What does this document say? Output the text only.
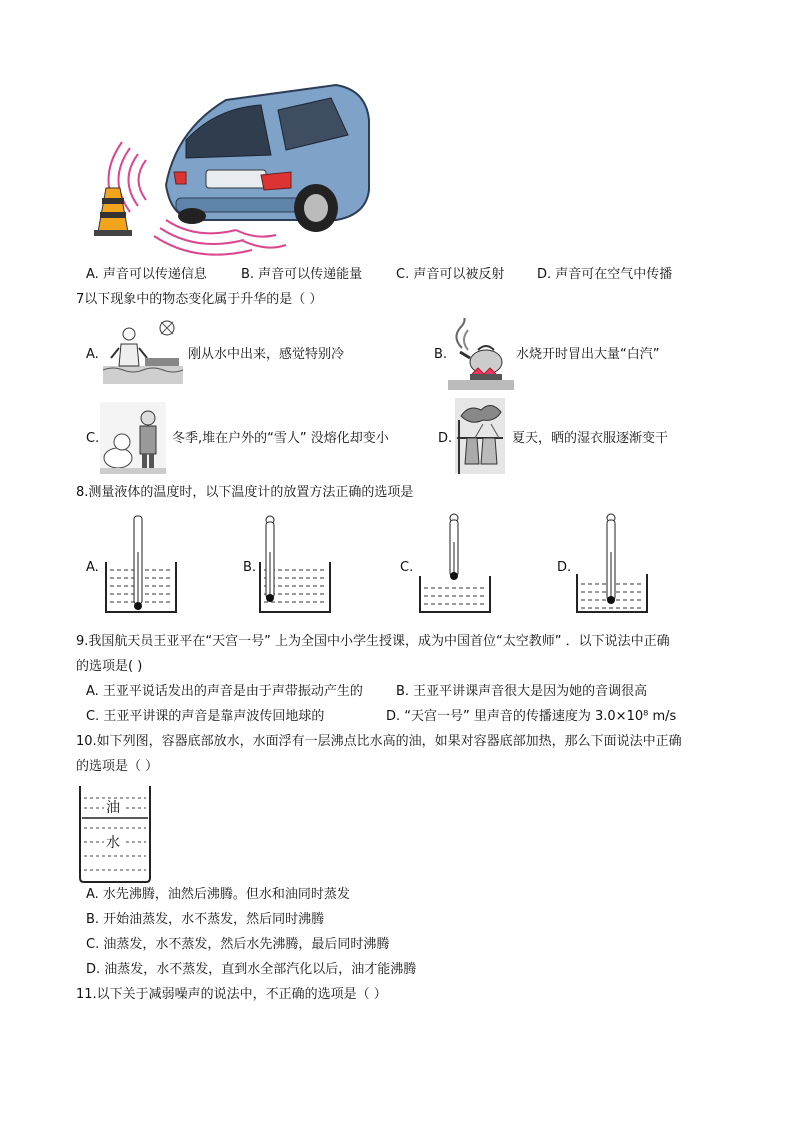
A. 声音可以传递信息	B. 声音可以传递能量	C. 声音可以被反射	D. 声音可在空气中传播
7以下现象中的物态变化属于升华的是（ ）
A.	刚从水中出来，感觉特别冷	B.	水烧开时冒出大量“白汽”
C.	冬季,堆在户外的“雪人” 没熔化却变小	D.	夏天，晒的湿衣服逐渐变干
8.测量液体的温度时，以下温度计的放置方法正确的选项是
A.	B.	C.	D.
9.我国航天员王亚平在“天宫一号” 上为全国中小学生授课，成为中国首位“太空教师” ．以下说法中正确
的选项是( )
A. 王亚平说话发出的声音是由于声带振动产生的	B. 王亚平讲课声音很大是因为她的音调很高
C. 王亚平讲课的声音是靠声波传回地球的	D. “天宫一号” 里声音的传播速度为 3.0×10⁸ m/s
10.如下列图，容器底部放水，水面浮有一层沸点比水高的油，如果对容器底部加热，那么下面说法中正确
的选项是（ ）
油
水
A. 水先沸腾，油然后沸腾。但水和油同时蒸发
B. 开始油蒸发，水不蒸发，然后同时沸腾
C. 油蒸发，水不蒸发，然后水先沸腾，最后同时沸腾
D. 油蒸发，水不蒸发，直到水全部汽化以后，油才能沸腾
11.以下关于减弱噪声的说法中，不正确的选项是（ ）
